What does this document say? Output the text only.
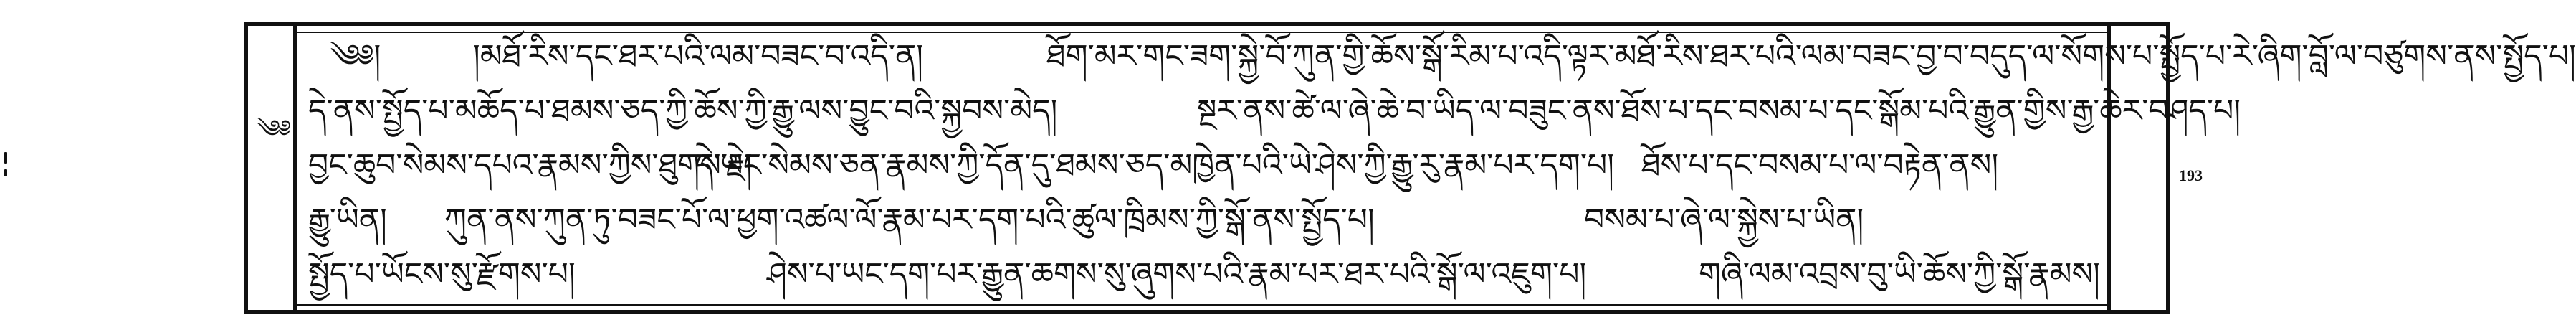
༄༅
193
༄༅།	།མཐོ་རིས་དང་ཐར་པའི་ལམ་བཟང་བ་འདི་ན།	ཐོག་མར་གང་ཟག་སྐྱེ་བོ་ཀུན་གྱི་ཆོས་སྒོ་རིམ་པ་འདི་ལྟར་མཐོ་རིས་ཐར་པའི་ལམ་བཟང་བྱ་བ་བདུད་ལ་སོགས་པ་སྤྱོད་པ་རེ་ཞིག་བློ་ལ་བཙུགས་ནས་སྤྱོད་པ།
དེ་ནས་སྤྱོད་པ་མཆོད་པ་ཐམས་ཅད་ཀྱི་ཆོས་ཀྱི་རྒྱུ་ལས་བྱུང་བའི་སྐྱབས་མེད།	སྔར་ནས་ཚེ་ལ་ཞེ་ཆེ་བ་ཡིད་ལ་བཟུང་ནས་ཐོས་པ་དང་བསམ་པ་དང་སྒོམ་པའི་རྒྱུན་གྱིས་རྒྱ་ཆེར་བཤད་པ།
བྱང་ཆུབ་སེམས་དཔའ་རྣམས་ཀྱིས་ཐུགས་རྗེ།དེ་ཡང་སེམས་ཅན་རྣམས་ཀྱི་དོན་དུ་ཐམས་ཅད་མཁྱེན་པའི་ཡེ་ཤེས་ཀྱི་རྒྱུ་རུ་རྣམ་པར་དག་པ། ཐོས་པ་དང་བསམ་པ་ལ་བརྟེན་ནས།
རྒྱུ་ཡིན། ཀུན་ནས་ཀུན་ཏུ་བཟང་པོ་ལ་ཕྱག་འཚལ་ལོ་རྣམ་པར་དག་པའི་ཚུལ་ཁྲིམས་ཀྱི་སྒོ་ནས་སྤྱོད་པ།	བསམ་པ་ཞེ་ལ་སྐྱེས་པ་ཡིན།
སྤྱོད་པ་ཡོངས་སུ་རྫོགས་པ།	ཤེས་པ་ཡང་དག་པར་རྒྱུན་ཆགས་སུ་ཞུགས་པའི་རྣམ་པར་ཐར་པའི་སྒོ་ལ་འཇུག་པ།	གཞི་ལམ་འབྲས་བུ་ཡི་ཆོས་ཀྱི་སྒོ་རྣམས།
